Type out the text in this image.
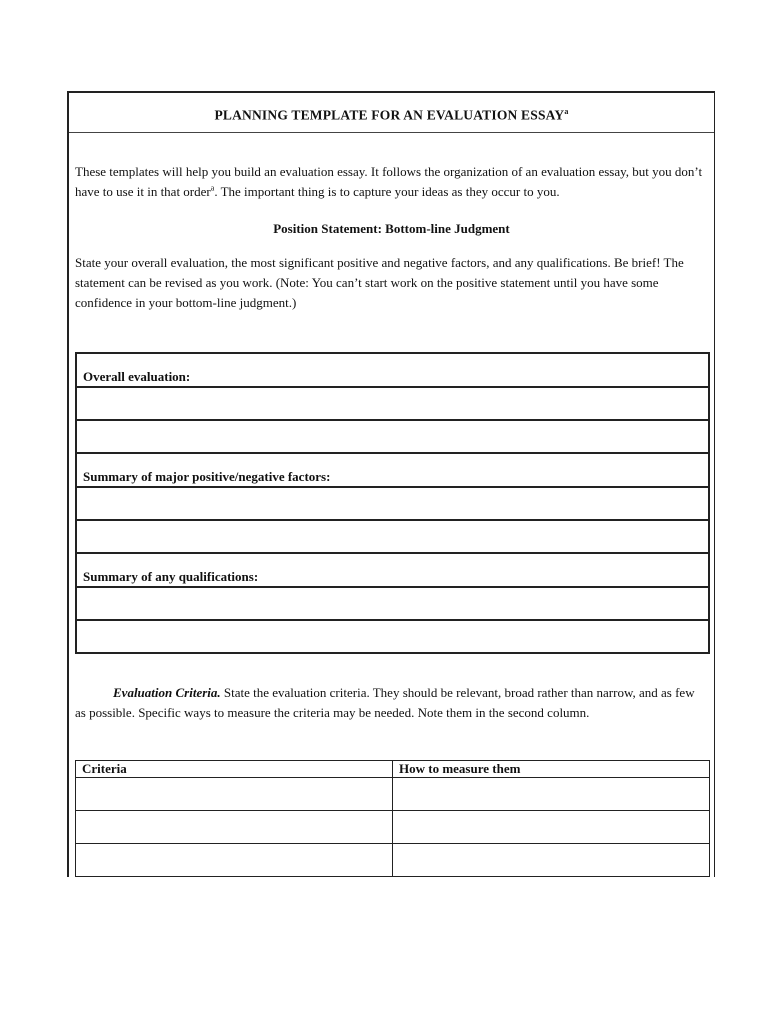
PLANNING TEMPLATE FOR AN EVALUATION ESSAY$^a$
These templates will help you build an evaluation essay. It follows the organization of an evaluation essay, but you don’t have to use it in that order$^a$. The important thing is to capture your ideas as they occur to you.
Position Statement: Bottom-line Judgment
State your overall evaluation, the most significant positive and negative factors, and any qualifications. Be brief! The statement can be revised as you work. (Note: You can’t start work on the positive statement until you have some confidence in your bottom-line judgment.)
Overall evaluation:

Summary of major positive/negative factors:

Summary of any qualifications:

Evaluation Criteria. State the evaluation criteria. They should be relevant, broad rather than narrow, and as few as possible. Specific ways to measure the criteria may be needed. Note them in the second column.
Criteria	How to measure them
